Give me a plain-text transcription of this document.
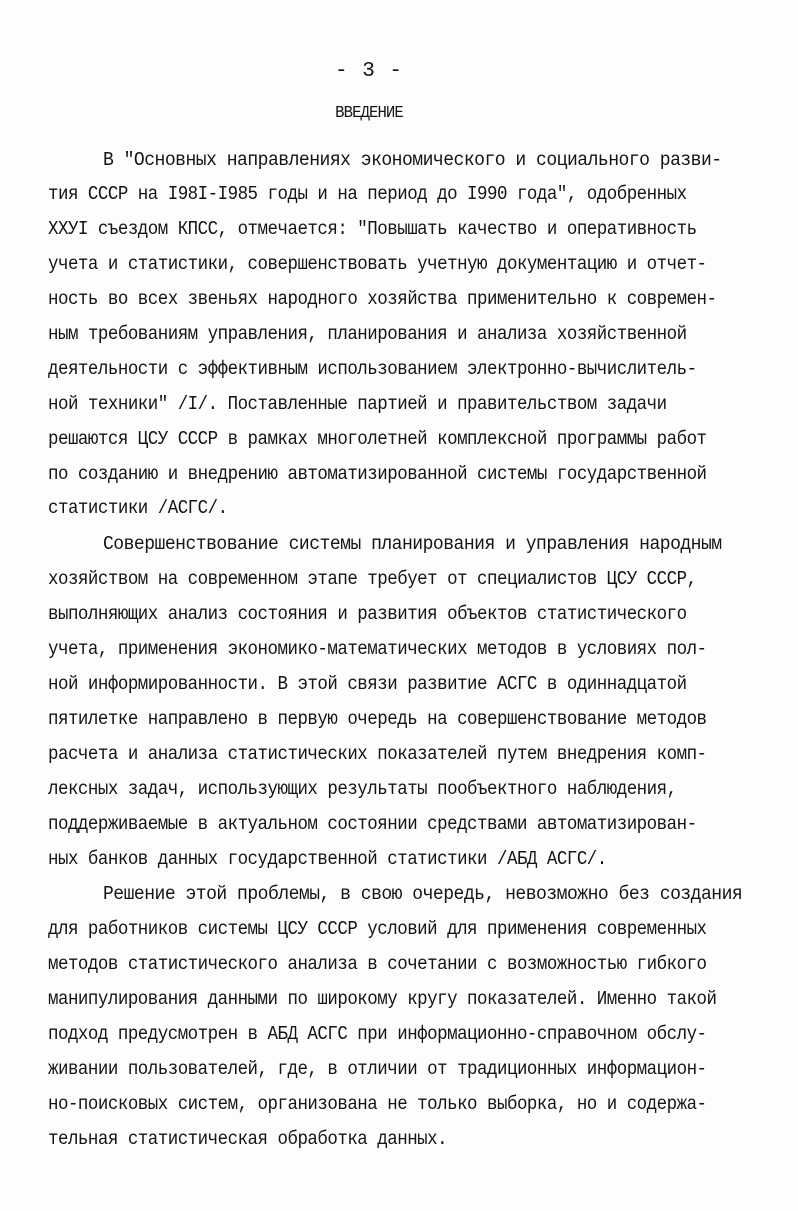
- 3 -
ВВЕДЕНИЕ
В "Основных направлениях экономического и социального разви-
тия СССР на I98I-I985 годы и на период до I990 года", одобренных
ХХУI съездом КПСС, отмечается: "Повышать качество и оперативность
учета и статистики, совершенствовать учетную документацию и отчет-
ность во всех звеньях народного хозяйства применительно к современ-
ным требованиям управления, планирования и анализа хозяйственной
деятельности с эффективным использованием электронно-вычислитель-
ной техники" /I/. Поставленные партией и правительством задачи
решаются ЦСУ СССР в рамках многолетней комплексной программы работ
по созданию и внедрению автоматизированной системы государственной
статистики /АСГС/.
Совершенствование системы планирования и управления народным
хозяйством на современном этапе требует от специалистов ЦСУ СССР,
выполняющих анализ состояния и развития объектов статистического
учета, применения экономико-математических методов в условиях пол-
ной информированности. В этой связи развитие АСГС в одиннадцатой
пятилетке направлено в первую очередь на совершенствование методов
расчета и анализа статистических показателей путем внедрения комп-
лексных задач, использующих результаты пообъектного наблюдения,
поддерживаемые в актуальном состоянии средствами автоматизирован-
ных банков данных государственной статистики /АБД АСГС/.
Решение этой проблемы, в свою очередь, невозможно без создания
для работников системы ЦСУ СССР условий для применения современных
методов статистического анализа в сочетании с возможностью гибкого
манипулирования данными по широкому кругу показателей. Именно такой
подход предусмотрен в АБД АСГС при информационно-справочном обслу-
живании пользователей, где, в отличии от традиционных информацион-
но-поисковых систем, организована не только выборка, но и содержа-
тельная статистическая обработка данных.
